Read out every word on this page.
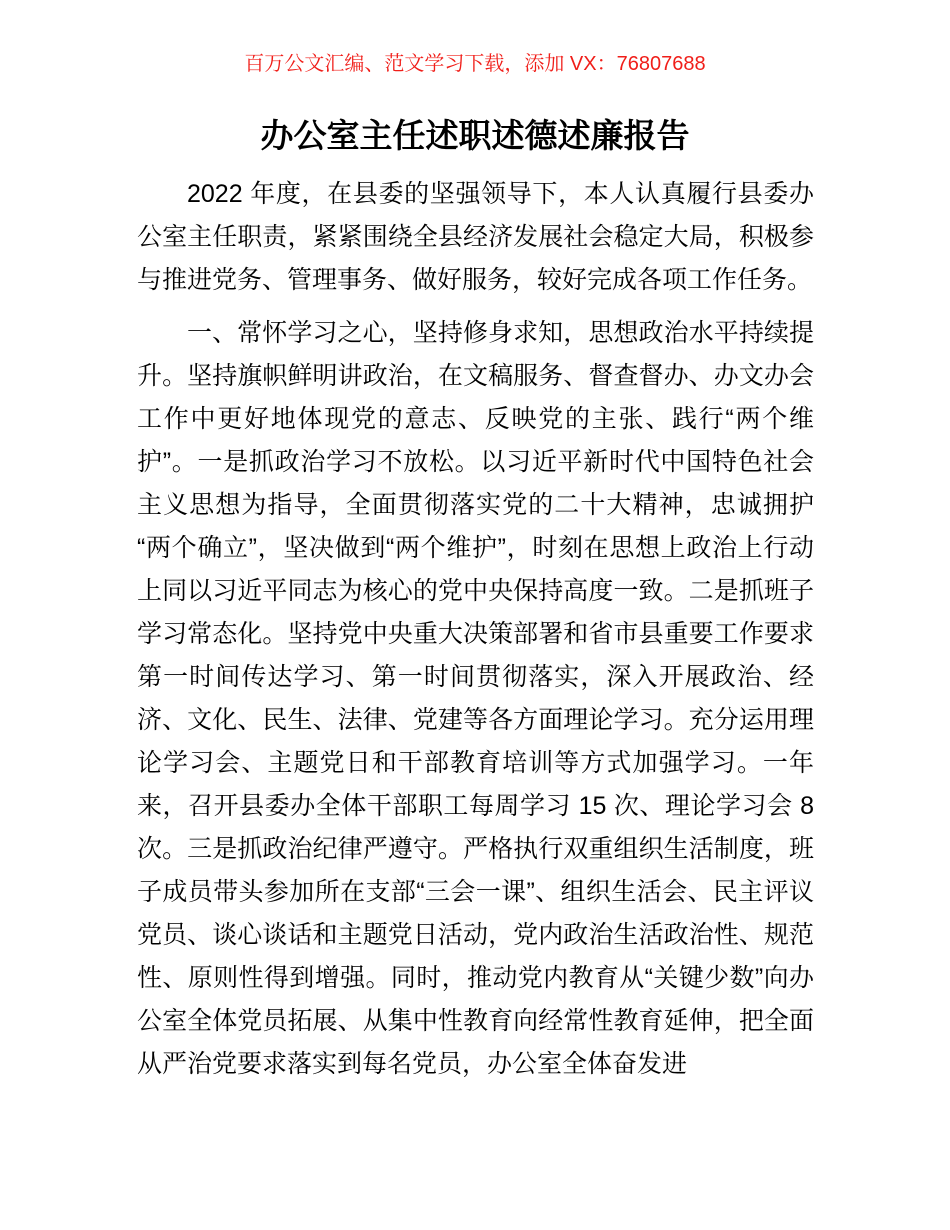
百万公文汇编、范文学习下载，添加 VX：76807688
办公室主任述职述德述廉报告

2022 年度，在县委的坚强领导下，本人认真履行县委办公室主任职责，紧紧围绕全县经济发展社会稳定大局，积极参与推进党务、管理事务、做好服务，较好完成各项工作任务。

一、常怀学习之心，坚持修身求知，思想政治水平持续提升。坚持旗帜鲜明讲政治，在文稿服务、督查督办、办文办会工作中更好地体现党的意志、反映党的主张、践行“两个维护”。一是抓政治学习不放松。以习近平新时代中国特色社会主义思想为指导，全面贯彻落实党的二十大精神，忠诚拥护“两个确立”，坚决做到“两个维护”，时刻在思想上政治上行动上同以习近平同志为核心的党中央保持高度一致。二是抓班子学习常态化。坚持党中央重大决策部署和省市县重要工作要求第一时间传达学习、第一时间贯彻落实，深入开展政治、经济、文化、民生、法律、党建等各方面理论学习。充分运用理论学习会、主题党日和干部教育培训等方式加强学习。一年来，召开县委办全体干部职工每周学习 15 次、理论学习会 8 次。三是抓政治纪律严遵守。严格执行双重组织生活制度，班子成员带头参加所在支部“三会一课”、组织生活会、民主评议党员、谈心谈话和主题党日活动，党内政治生活政治性、规范性、原则性得到增强。同时，推动党内教育从“关键少数”向办公室全体党员拓展、从集中性教育向经常性教育延伸，把全面从严治党要求落实到每名党员，办公室全体奋发进
